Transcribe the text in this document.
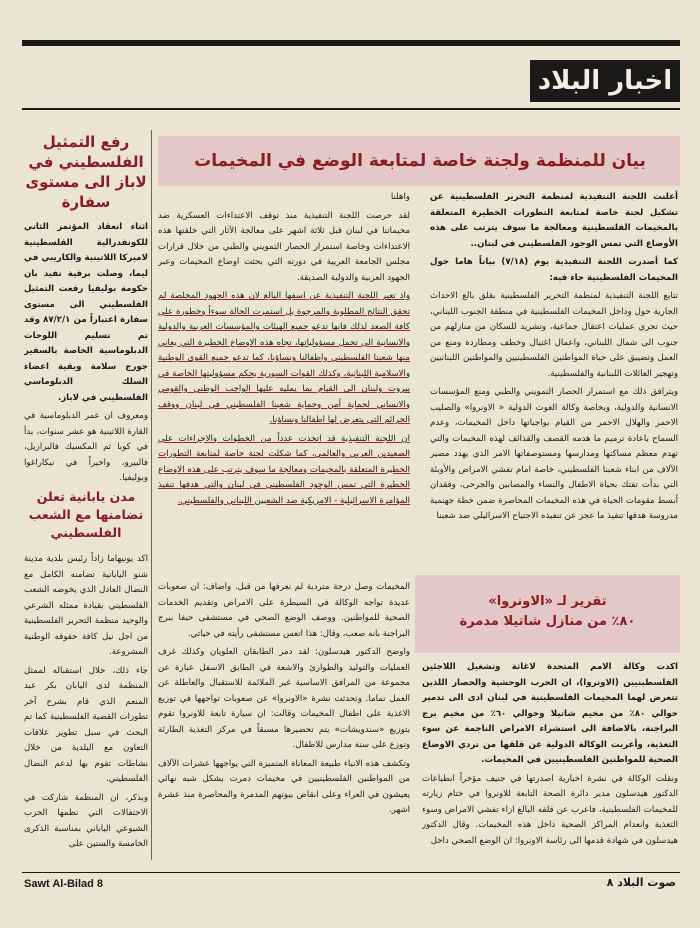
اخبار البلاد
بيان للمنظمة ولجنة خاصة لمتابعة الوضع في المخيمات

أعلنت اللجنة التنفيذية لمنظمة التحرير الفلسطينية عن تشكيل لجنة خاصة لمتابعة التطورات الخطيرة المتعلقة بالمخيمات الفلسطينية ومعالجة ما سوف يترتب على هذه الأوضاع التي تمس الوجود الفلسطيني في لبنان..

كما أصدرت اللجنة التنفيذية يوم (٧/١٨) بياناً هاما حول المخيمات الفلسطينية جاء فيه:

تتابع اللجنة التنفيذية لمنظمة التحرير الفلسطينية بقلق بالغ الاحداث الجارية حول وداخل المخيمات الفلسطينية في منطقة الجنوب اللبناني، حيث تجري عمليات اعتقال جماعية، وتشريد للسكان من منازلهم من جنوب الى شمال اللبناني، واعمال اغتيال وخطف ومطاردة ومنع من العمل وتضييق على حياة المواطنين الفلسطينيين والمواطنين اللبنانيين وتهجير العائلات اللبنانية والفلسطينية.

ويترافق ذلك مع استمرار الحصار التمويني والطبي ومنع المؤسسات الانسانية والدولية، وبخاصة وكالة الغوث الدولية « الاونروا» والصليب الاحمر والهلال الاحمر من القيام بواجباتها داخل المخيمات، وعدم السماح باعادة ترميم ما هدمه القصف والقذائف لهذه المخيمات والتي تهدم معظم مساكنها ومدارسها ومستوصفاتها الامر الذي يهدد مصير الآلاف من ابناء شعبنا الفلسطيني، خاصة امام تفشي الامراض والأوبئة التي بدأت تفتك بحياة الاطفال والنساء والمصابين والجرحى، وفقدان أبسط مقومات الحياة في هذه المخيمات المحاصرة ضمن خطة جهنمية مدروسة هدفها تنفيذ ما عجز عن تنفيذه الاجتياح الاسرائيلي ضد شعبنا

واهلنا

لقد حرصت اللجنة التنفيذية منذ توقف الاعتداءات العسكرية ضد مخيماتنا في لبنان قبل ثلاثة اشهر على معالجة الآثار التي خلقتها هذه الاعتداءات وخاصة استمرار الحصار التمويني والطبي من خلال قرارات مجلس الجامعة العربية في دورته التي بحثت اوضاع المخيمات وعبر الجهود العربية والدولية الصديقة.

واذ تعبر اللجنة التنفيذية عن اسفها البالغ لان هذه الجهود المخلصة لم تحقق النتائج المطلوبة والمرجوة بل استمرت الحالة سوءاً وخطورة على كافة الصعد لذلك فانها تدعو جميع الهيئات والمؤسسات العربية والدولية والانسانية الى تحمل مسؤولياتها، تجاه هذه الاوضاع الخطيرة التي يعاني منها شعبنا الفلسطيني واطفالنا ونساؤنا، كما تدعو جميع القوى الوطنية والاسلامية اللبنانية، وكذلك القوات السورية بحكم مسؤوليتها الخاصة في بيروت ولبنان الى القيام بما يمليه عليها الواجب الوطني والقومي والانساني لحماية أمن وحماية شعبنا الفلسطيني في لبنان ووقف الجرائم التي يتعرض لها اطفالنا ونساؤنا.

ان اللجنة التنفيذية قد اتخذت عدداً من الخطوات والاجراءات على الصعيدين العربي والعالمي، كما شكلت لجنة خاصة لمتابعة التطورات الخطيرة المتعلقة بالمخيمات ومعالجة ما سوف يترتب على هذه الاوضاع الخطيرة التي تمس الوجود الفلسطيني في لبنان والتي هدفها تنفيذ المؤامرة الاسرائيلية - الامريكية ضد الشعبين اللبناني والفلسطيني.

رفع التمثيل الفلسطيني في لاباز الى مستوى سفارة

اثناء انعقاد المؤتمر الثاني للكونفدرالية الفلسطينية لاميركا اللاتينية والكاريبي في ليما، وصلت برقية تفيد بان حكومة بوليفيا رفعت التمثيل الفلسطيني الى مستوى سفارة اعتباراً من ٨٧/٢/١ وقد تم تسليم اللوحات الدبلوماسية الخاصة بالسفير جورج سلامة وبقية اعضاء السلك الدبلوماسي الفلسطيني في لاباز.

ومعروف ان عمر الدبلوماسية في القارة اللاتينية هو عشر سنوات، بدأ في كوبا ثم المكسيك فالبرازيل، فالبيرو، واخيراً في نيكاراغوا وبوليفيا.

مدن يابانية تعلن تضامنها مع الشعب الفلسطيني

اكد يونيهاما زاداً رئيس بلدية مدينة شنو اليابانية تضامنه الكامل مع النضال العادل الذي يخوضه الشعب الفلسطيني بقيادة ممثله الشرعي والوحيد منظمة التحرير الفلسطينية من اجل نيل كافة حقوقه الوطنية المشروعة.

جاء ذلك، خلال استقباله لممثل المنظمة لدى اليابان بكر عبد المنعم الذي قام بشرح آخر تطورات القضية الفلسطينية كما تم البحث في سبل تطوير علاقات التعاون مع البلدية من خلال نشاطات تقوم بها لدعم النضال الفلسطيني.

وبذكر، ان المنظمة شاركت في الاحتفالات التي نظمها الحزب الشيوعي الياباني بمناسبة الذكرى الخامسة والستين على

تقرير لـ «الاونروا»
٨٠٪ من منازل شاتيلا مدمرة

اكدت وكالة الامم المتحدة لاغاثة وتشغيل اللاجئين الفلسطينيين (الاونروا)، ان الحرب الوحشية والحصار اللذين تتعرض لهما المخيمات الفلسطينية في لبنان ادى الى تدمير حوالي ٨٠٪ من مخيم شاتيلا وحوالي ٦٠٪ من مخيم برج البراجنة، بالاضافة الى استشراء الامراض الناجمة عن سوء التغذية، وأعربت الوكالة الدولية عن قلقها من تردي الاوضاع الصحية للمواطنين الفلسطينيين في المخيمات.

ونقلت الوكالة في نشرة اخبارية اصدرتها في جنيف مؤخراً انطباعات الدكتور هيدسلون مدير دائرة الصحة التابعة للاونروا في ختام زيارته للمخيمات الفلسطينية، فاعرب عن قلقه البالغ ازاء تفشي الامراض وسوء التغذية وانعدام المراكز الصحية داخل هذه المخيمات. وقال الدكتور هيدسلون في شهادة قدمها الى رئاسة الاونروا: ان الوضع الصحي داخل

المخيمات وصل درجة متردية لم نعرفها من قبل. واضاف: ان صعوبات عديدة تواجه الوكالة في السيطرة على الامراض وتقديم الخدمات الصحية للمواطنين. ووصف الوضع الصحي في مستشفى حيفا ببرج البراجنة بانه صعب، وقال: هذا اتعس مستشفى رأيته في حياتي.

واوضح الدكتور هيدسلون: لقد دمر الطابقان العلويان وكذلك غرف العمليات والتوليد والطوارئ والاشعة في الطابق الاسفل عبارة عن مجموعة من المرافق الاساسية غير الملائمة للاستقبال والعاطلة عن العمل تماما. وتحدثت نشرة «الاونروا» عن صعوبات تواجهها في توزيع الاغذية على اطفال المخيمات وقالت: ان سيارة تابعة للاونروا تقوم بتوزيع «سندويشات» يتم تحضيرها مسبقاً في مركز التغذية الطارئة وتوزع على ستة مدارس للاطفال.

وتكشف هذه الانباء طبيعة المعاناة المتميزة التي يواجهها عشرات الآلاف من المواطنين الفلسطينيين في مخيمات دمرت بشكل شبه نهائي يعيشون في العراء وعلى انقاض بيوتهم المدمرة والمحاصرة منذ عشرة اشهر.

Sawt Al-Bilad 8	صوت البلاد ٨
